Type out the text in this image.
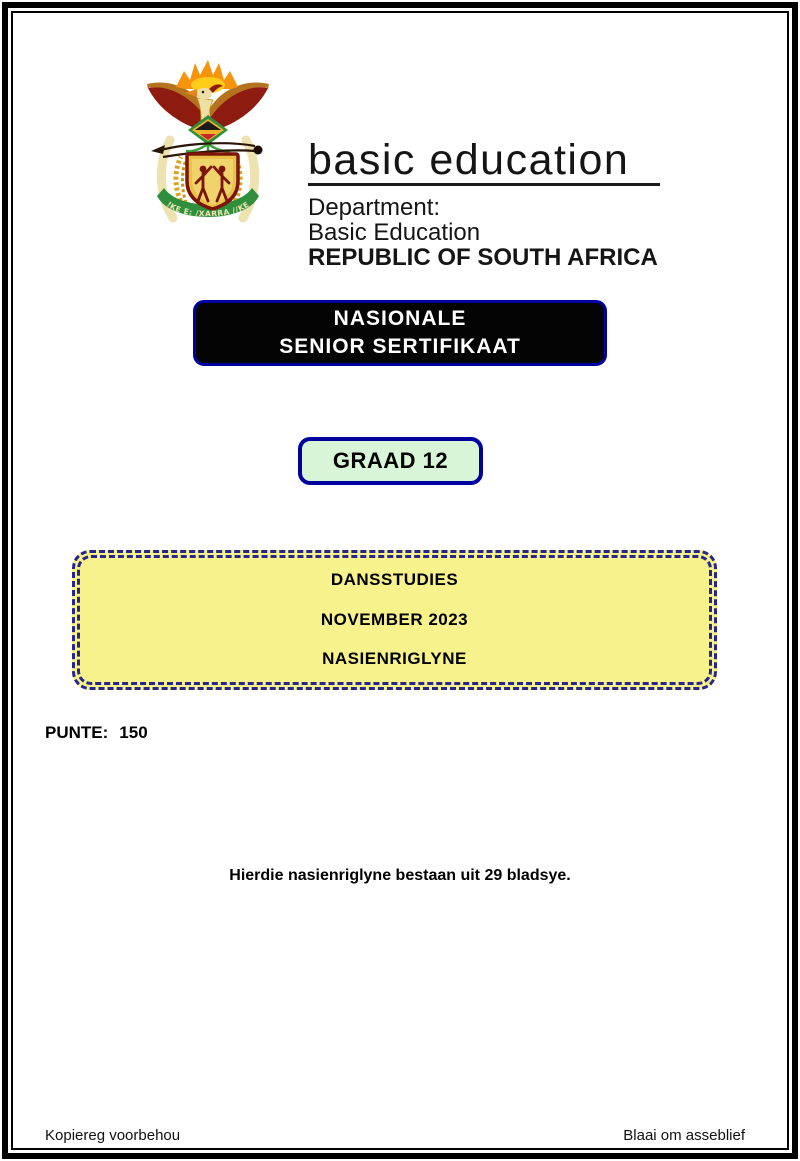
!KE E: /XARRA //KE
basic education
Department:
Basic Education
REPUBLIC OF SOUTH AFRICA
NASIONALE
SENIOR SERTIFIKAAT
GRAAD 12
DANSSTUDIES
NOVEMBER 2023
NASIENRIGLYNE
PUNTE: 150
Hierdie nasienriglyne bestaan uit 29 bladsye.
Kopiereg voorbehou	Blaai om asseblief
